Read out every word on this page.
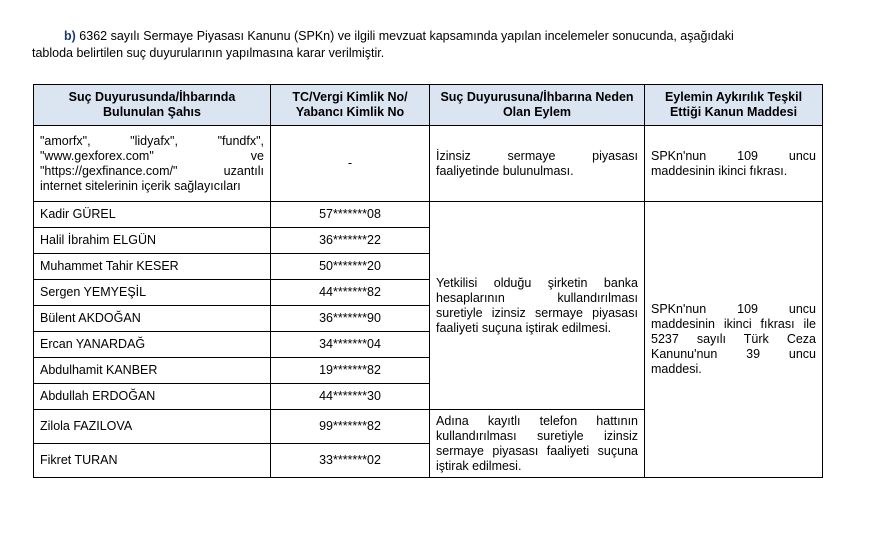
b) 6362 sayılı Sermaye Piyasası Kanunu (SPKn) ve ilgili mevzuat kapsamında yapılan incelemeler sonucunda, aşağıdaki
tabloda belirtilen suç duyurularının yapılmasına karar verilmiştir.
Suç Duyurusunda/İhbarında Bulunulan Şahıs	TC/Vergi Kimlik No/ Yabancı Kimlik No	Suç Duyurusuna/İhbarına Neden Olan Eylem	Eylemin Aykırılık Teşkil Ettiği Kanun Maddesi
"amorfx", "lidyafx", "fundfx", "www.gexforex.com" ve "https://gexfinance.com/" uzantılı internet sitelerinin içerik sağlayıcıları	-	İzinsiz sermaye piyasası faaliyetinde bulunulması.	SPKn'nun 109 uncu maddesinin ikinci fıkrası.
Kadir GÜREL	57*******08	Yetkilisi olduğu şirketin banka hesaplarının kullandırılması suretiyle izinsiz sermaye piyasası faaliyeti suçuna iştirak edilmesi.	SPKn'nun 109 uncu maddesinin ikinci fıkrası ile 5237 sayılı Türk Ceza Kanunu'nun 39 uncu maddesi.
Halil İbrahim ELGÜN	36*******22		
Muhammet Tahir KESER	50*******20		
Sergen YEMYEŞİL	44*******82		
Bülent AKDOĞAN	36*******90		
Ercan YANARDAĞ	34*******04		
Abdulhamit KANBER	19*******82		
Abdullah ERDOĞAN	44*******30		
Zilola FAZILOVA	99*******82	Adına kayıtlı telefon hattının kullandırılması suretiyle izinsiz sermaye piyasası faaliyeti suçuna iştirak edilmesi.	
Fikret TURAN	33*******02		
